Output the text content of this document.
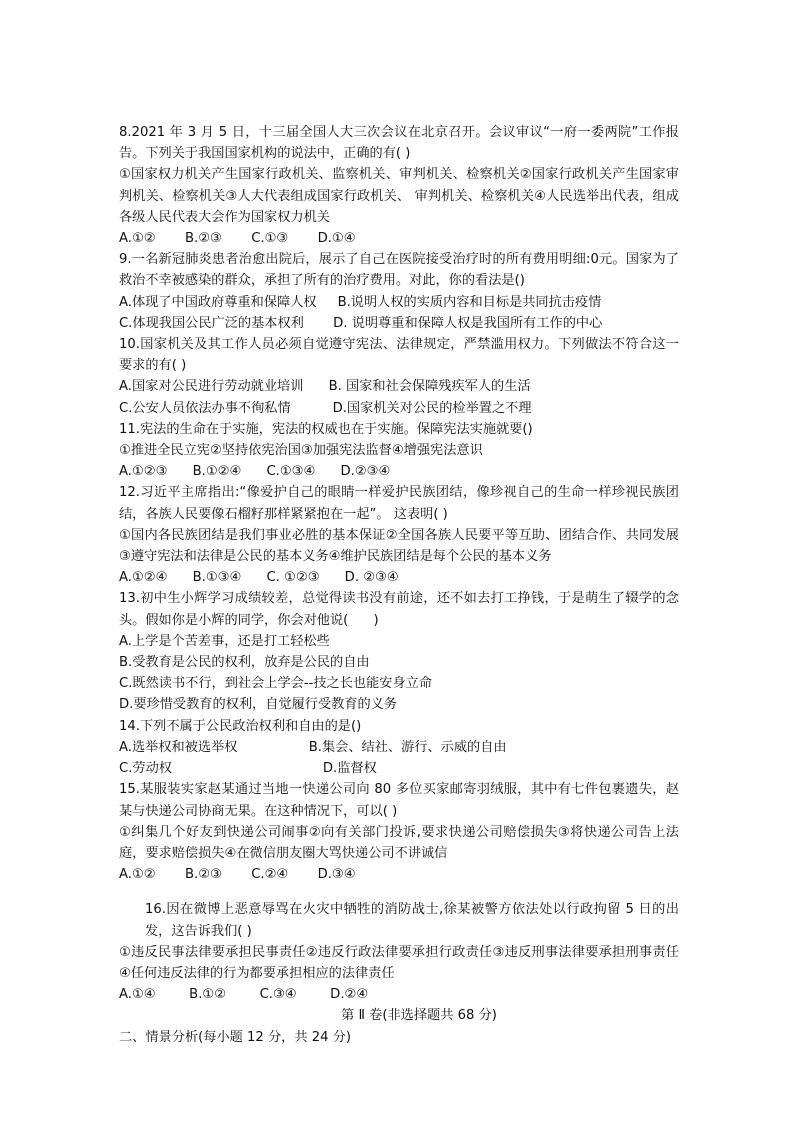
8.2021 年 3 月 5 日，十三届全国人大三次会议在北京召开。会议审议“一府一委两院”工作报告。下列关于我国国家机构的说法中，正确的有( )

①国家权力机关产生国家行政机关、监察机关、审判机关、检察机关②国家行政机关产生国家审判机关、检察机关③人大代表组成国家行政机关、 审判机关、检察机关④人民选举出代表，组成各级人民代表大会作为国家权力机关

A.①②       B.②③       C.①③       D.①④

9.一名新冠肺炎患者治愈出院后，展示了自己在医院接受治疗时的所有费用明细:0元。国家为了救治不幸被感染的群众，承担了所有的治疗费用。对此，你的看法是()

A.体现了中国政府尊重和保障人权     B.说明人权的实质内容和目标是共同抗击疫情

C.体现我国公民广泛的基本权利       D. 说明尊重和保障人权是我国所有工作的中心

10.国家机关及其工作人员必须自觉遵守宪法、法律规定，严禁滥用权力。下列做法不符合这一要求的有( )

A.国家对公民进行劳动就业培训      B. 国家和社会保障残疾军人的生活

C.公安人员依法办事不徇私情          D.国家机关对公民的检举置之不理

11.宪法的生命在于实施，宪法的权威也在于实施。保障宪法实施就要()

①推进全民立宪②坚持依宪治国③加强宪法监督④增强宪法意识

A.①②③      B.①②④      C.①③④      D.②③④

12.习近平主席指出:“像爱护自己的眼睛一样爱护民族团结，像珍视自己的生命一样珍视民族团结，各族人民要像石榴籽那样紧紧抱在一起”。 这表明( )

①国内各民族团结是我们事业必胜的基本保证②全国各族人民要平等互助、团结合作、共同发展③遵守宪法和法律是公民的基本义务④维护民族团结是每个公民的基本义务

A.①②④      B.①③④      C. ①②③      D. ②③④

13.初中生小辉学习成绩较差，总觉得读书没有前途，还不如去打工挣钱，于是萌生了辍学的念头。假如你是小辉的同学，你会对他说(      )

A.上学是个苦差事，还是打工轻松些

B.受教育是公民的权利，放弃是公民的自由

C.既然读书不行，到社会上学会--技之长也能安身立命

D.要珍惜受教育的权利，自觉履行受教育的义务

14.下列不属于公民政治权利和自由的是()

A.选举权和被选举权                 B.集会、结社、游行、示威的自由

C.劳动权                                    D.监督权

15.某服装实家赵某通过当地一快递公司向 80 多位买家邮寄羽绒服，其中有七件包裹遗失，赵某与快递公司协商无果。在这种情况下，可以( )

①纠集几个好友到快递公司闹事②向有关部门投诉,要求快递公司赔偿损失③将快递公司告上法庭，要求赔偿损失④在微信朋友圈大骂快递公司不讲诚信

A.①②       B.②③       C.②④       D.③④

16.因在微博上恶意辱骂在火灾中牺牲的消防战士,徐某被警方依法处以行政拘留 5 日的出发，这告诉我们( )

①违反民事法律要承担民事责任②违反行政法律要承担行政责任③违反刑事法律要承担刑事责任④任何违反法律的行为都要承担相应的法律责任

A.①④        B.①②        C.③④        D.②④

第 Ⅱ 卷(非选择题共 68 分)

二、情景分析(每小题 12 分，共 24 分)
